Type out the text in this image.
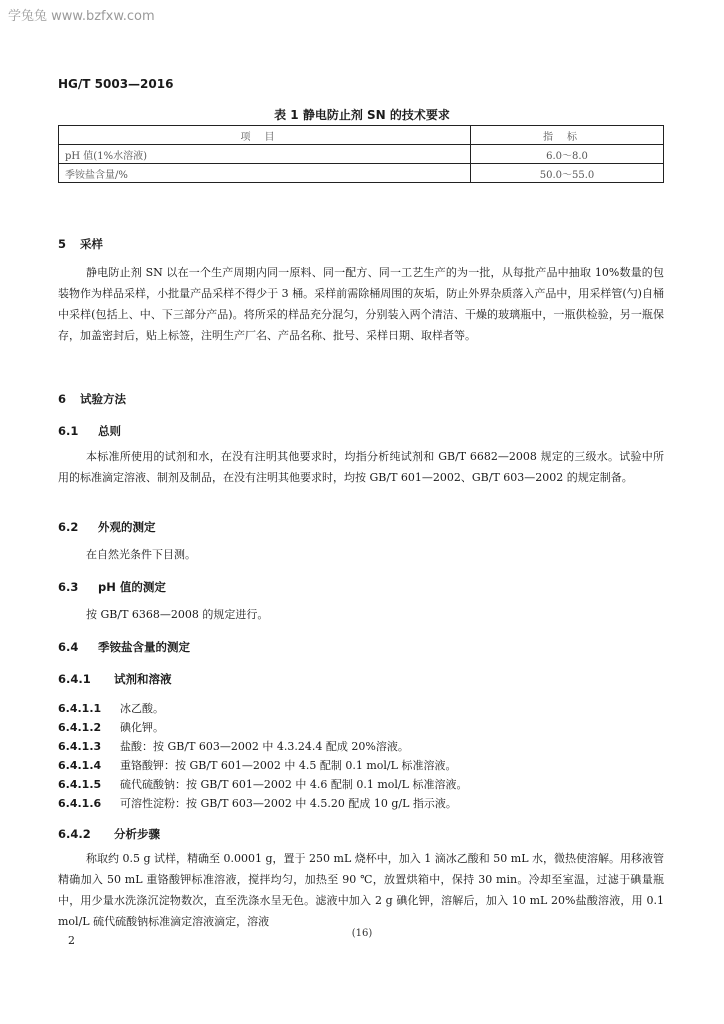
学兔兔 www.bzfxw.com
HG/T 5003—2016
表 1 静电防止剂 SN 的技术要求
项目	指标
pH 值(1%水溶液)	6.0～8.0
季铵盐含量/%	50.0～55.0
5 采样
静电防止剂 SN 以在一个生产周期内同一原料、同一配方、同一工艺生产的为一批，从每批产品中抽取 10%数量的包装物作为样品采样，小批量产品采样不得少于 3 桶。采样前需除桶周围的灰垢，防止外界杂质落入产品中，用采样管(勺)自桶中采样(包括上、中、下三部分产品)。将所采的样品充分混匀，分别装入两个清洁、干燥的玻璃瓶中，一瓶供检验，另一瓶保存，加盖密封后，贴上标签，注明生产厂名、产品名称、批号、采样日期、取样者等。
6 试验方法
6.1 总则
本标准所使用的试剂和水，在没有注明其他要求时，均指分析纯试剂和 GB/T 6682—2008 规定的三级水。试验中所用的标准滴定溶液、制剂及制品，在没有注明其他要求时，均按 GB/T 601—2002、GB/T 603—2002 的规定制备。
6.2 外观的测定
在自然光条件下目测。
6.3 pH 值的测定
按 GB/T 6368—2008 的规定进行。
6.4 季铵盐含量的测定
6.4.1 试剂和溶液
6.4.1.1 冰乙酸。
6.4.1.2 碘化钾。
6.4.1.3 盐酸：按 GB/T 603—2002 中 4.3.24.4 配成 20%溶液。
6.4.1.4 重铬酸钾：按 GB/T 601—2002 中 4.5 配制 0.1 mol/L 标准溶液。
6.4.1.5 硫代硫酸钠：按 GB/T 601—2002 中 4.6 配制 0.1 mol/L 标准溶液。
6.4.1.6 可溶性淀粉：按 GB/T 603—2002 中 4.5.20 配成 10 g/L 指示液。
6.4.2 分析步骤
称取约 0.5 g 试样，精确至 0.0001 g，置于 250 mL 烧杯中，加入 1 滴冰乙酸和 50 mL 水，微热使溶解。用移液管精确加入 50 mL 重铬酸钾标准溶液，搅拌均匀，加热至 90 ℃，放置烘箱中，保持 30 min。冷却至室温，过滤于碘量瓶中，用少量水洗涤沉淀物数次，直至洗涤水呈无色。滤液中加入 2 g 碘化钾，溶解后，加入 10 mL 20%盐酸溶液，用 0.1 mol/L 硫代硫酸钠标准滴定溶液滴定，溶液
2
(16)
